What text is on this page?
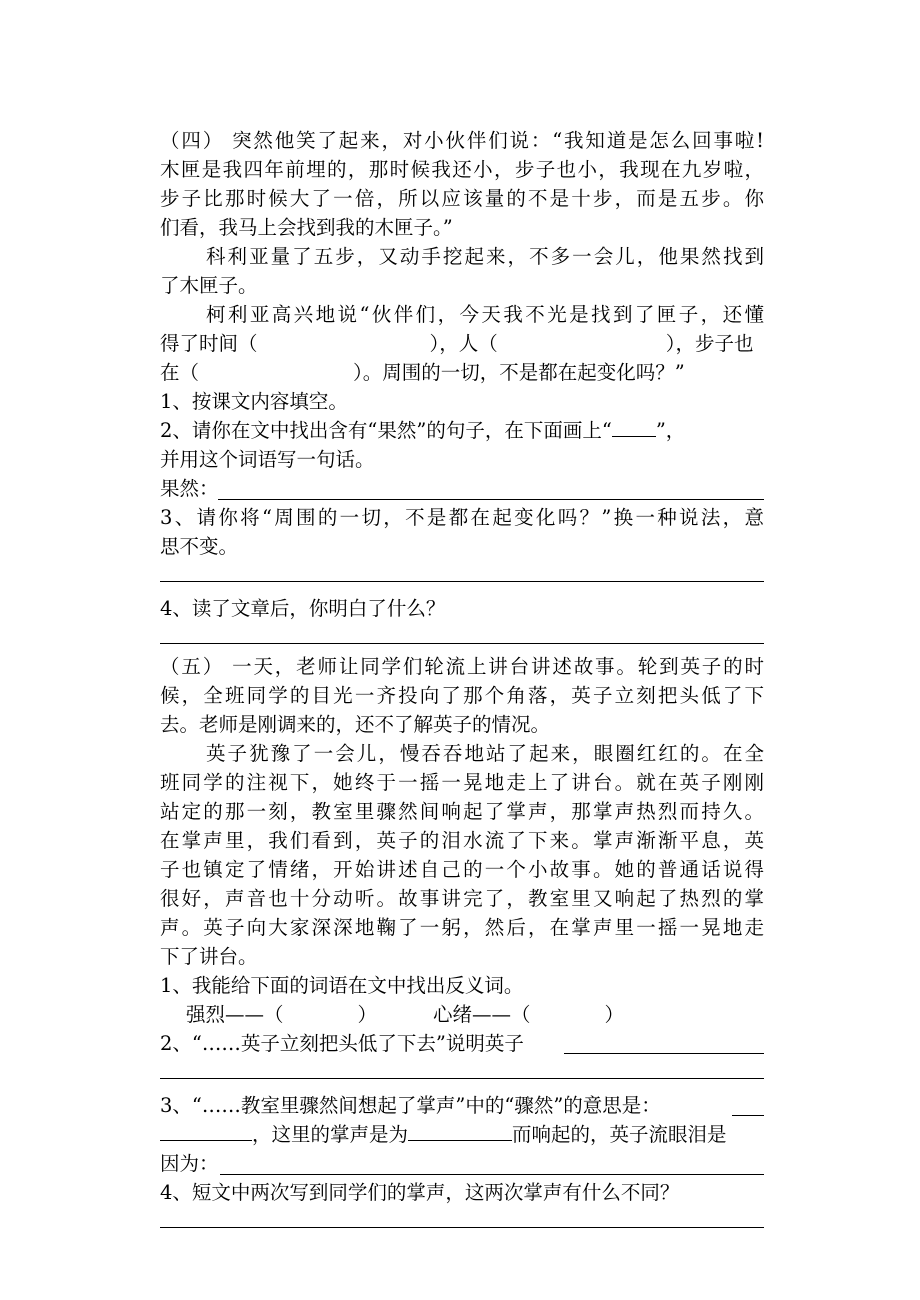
（四） 突然他笑了起来，对小伙伴们说：“我知道是怎么回事啦!
木匣是我四年前埋的，那时候我还小，步子也小，我现在九岁啦，
步子比那时候大了一倍，所以应该量的不是十步，而是五步。你
们看，我马上会找到我的木匣子。”
科利亚量了五步，又动手挖起来，不多一会儿，他果然找到
了木匣子。
柯利亚高兴地说“伙伴们，今天我不光是找到了匣子，还懂
得了时间（	），人（	），步子也
在（	）。周围的一切，不是都在起变化吗？”
1、按课文内容填空。
2、请你在文中找出含有“果然”的句子，在下面画上“ ”，
并用这个词语写一句话。
果然：
3、请你将“周围的一切，不是都在起变化吗？”换一种说法，意
思不变。
4、读了文章后，你明白了什么？
（五） 一天，老师让同学们轮流上讲台讲述故事。轮到英子的时
候，全班同学的目光一齐投向了那个角落，英子立刻把头低了下
去。老师是刚调来的，还不了解英子的情况。
英子犹豫了一会儿，慢吞吞地站了起来，眼圈红红的。在全
班同学的注视下，她终于一摇一晃地走上了讲台。就在英子刚刚
站定的那一刻，教室里骤然间响起了掌声，那掌声热烈而持久。
在掌声里，我们看到，英子的泪水流了下来。掌声渐渐平息，英
子也镇定了情绪，开始讲述自己的一个小故事。她的普通话说得
很好，声音也十分动听。故事讲完了，教室里又响起了热烈的掌
声。英子向大家深深地鞠了一躬，然后，在掌声里一摇一晃地走
下了讲台。
1、我能给下面的词语在文中找出反义词。
强烈——（	）	心绪——（	）
2、“……英子立刻把头低了下去”说明英子
3、“……教室里骤然间想起了掌声”中的“骤然”的意思是：
，这里的掌声是为	而响起的，英子流眼泪是
因为：
4、短文中两次写到同学们的掌声，这两次掌声有什么不同？
